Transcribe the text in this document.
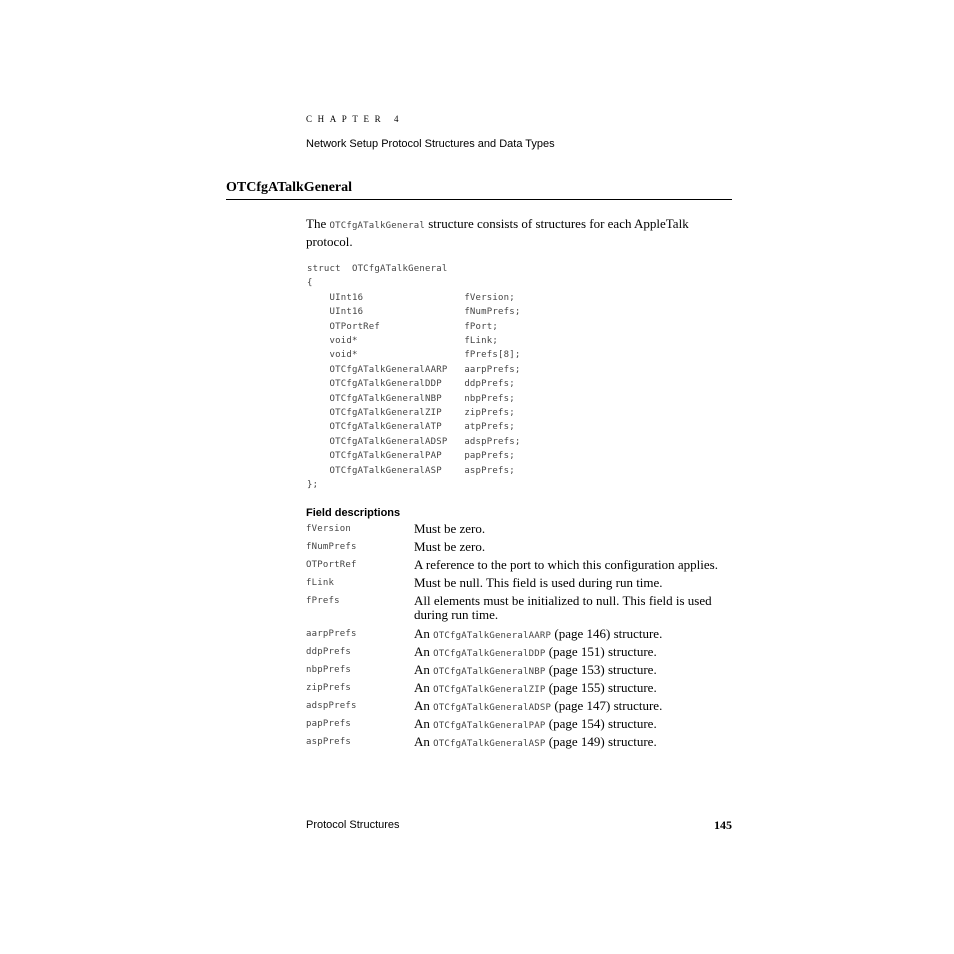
CHAPTER 4
Network Setup Protocol Structures and Data Types
OTCfgATalkGeneral
The OTCfgATalkGeneral structure consists of structures for each AppleTalk protocol.
struct  OTCfgATalkGeneral
{
UInt16                  fVersion;
UInt16                  fNumPrefs;
OTPortRef               fPort;
void*                   fLink;
void*                   fPrefs[8];
OTCfgATalkGeneralAARP   aarpPrefs;
OTCfgATalkGeneralDDP    ddpPrefs;
OTCfgATalkGeneralNBP    nbpPrefs;
OTCfgATalkGeneralZIP    zipPrefs;
OTCfgATalkGeneralATP    atpPrefs;
OTCfgATalkGeneralADSP   adspPrefs;
OTCfgATalkGeneralPAP    papPrefs;
OTCfgATalkGeneralASP    aspPrefs;
};
Field descriptions
fVersion	Must be zero.
fNumPrefs	Must be zero.
OTPortRef	A reference to the port to which this configuration applies.
fLink	Must be null. This field is used during run time.
fPrefs	All elements must be initialized to null. This field is used during run time.
aarpPrefs	An OTCfgATalkGeneralAARP (page 146) structure.
ddpPrefs	An OTCfgATalkGeneralDDP (page 151) structure.
nbpPrefs	An OTCfgATalkGeneralNBP (page 153) structure.
zipPrefs	An OTCfgATalkGeneralZIP (page 155) structure.
adspPrefs	An OTCfgATalkGeneralADSP (page 147) structure.
papPrefs	An OTCfgATalkGeneralPAP (page 154) structure.
aspPrefs	An OTCfgATalkGeneralASP (page 149) structure.
Protocol Structures	145
